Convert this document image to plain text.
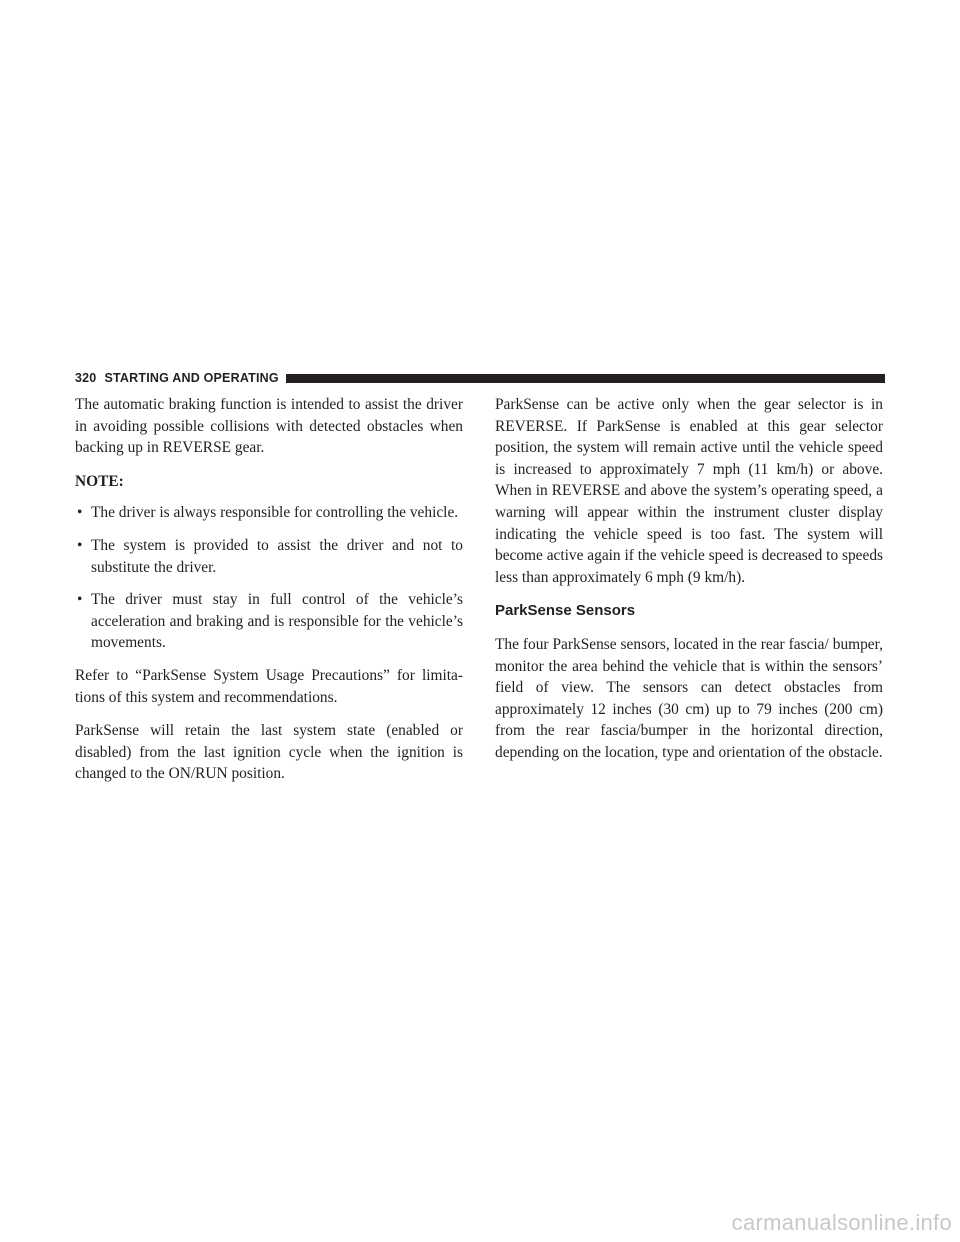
320 STARTING AND OPERATING

The automatic braking function is intended to assist the driver in avoiding possible collisions with detected obstacles when backing up in REVERSE gear.

NOTE:
• The driver is always responsible for controlling the vehicle.
• The system is provided to assist the driver and not to substitute the driver.
• The driver must stay in full control of the vehicle’s acceleration and braking and is responsible for the vehicle’s movements.

Refer to “ParkSense System Usage Precautions” for limitations of this system and recommendations.

ParkSense will retain the last system state (enabled or disabled) from the last ignition cycle when the ignition is changed to the ON/RUN position.

ParkSense can be active only when the gear selector is in REVERSE. If ParkSense is enabled at this gear selector position, the system will remain active until the vehicle speed is increased to approximately 7 mph (11 km/h) or above. When in REVERSE and above the system’s operating speed, a warning will appear within the instrument cluster display indicating the vehicle speed is too fast. The system will become active again if the vehicle speed is decreased to speeds less than approximately 6 mph (9 km/h).

ParkSense Sensors

The four ParkSense sensors, located in the rear fascia/ bumper, monitor the area behind the vehicle that is within the sensors’ field of view. The sensors can detect obstacles from approximately 12 inches (30 cm) up to 79 inches (200 cm) from the rear fascia/bumper in the horizontal direction, depending on the location, type and orientation of the obstacle.

carmanualsonline.info
